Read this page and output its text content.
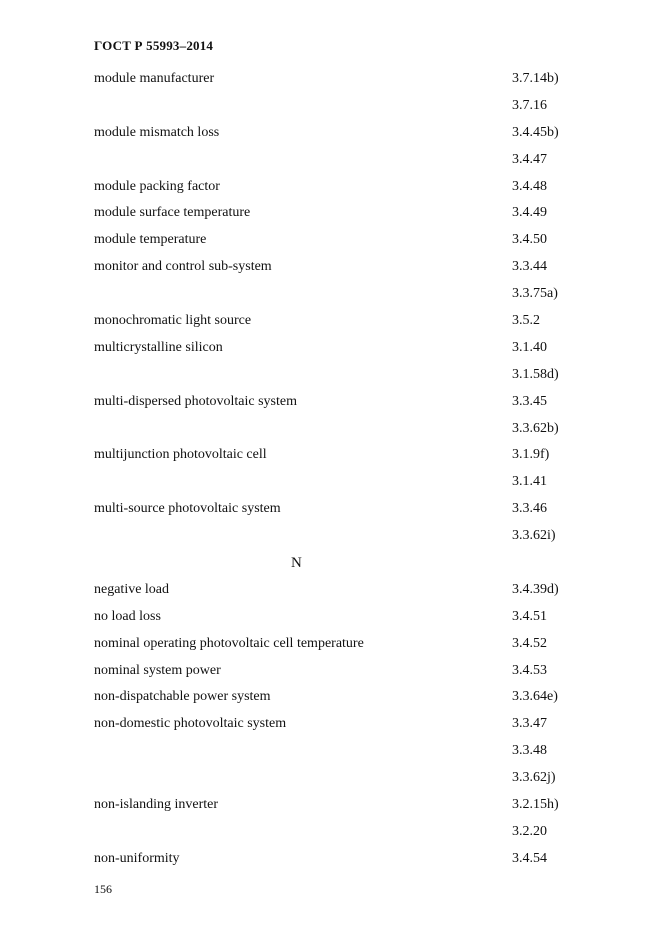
ГОСТ Р 55993–2014
module manufacturer	3.7.14b)
3.7.16
module mismatch loss	3.4.45b)
3.4.47
module packing factor	3.4.48
module surface temperature	3.4.49
module temperature	3.4.50
monitor and control sub-system	3.3.44
3.3.75a)
monochromatic light source	3.5.2
multicrystalline silicon	3.1.40
3.1.58d)
multi-dispersed photovoltaic system	3.3.45
3.3.62b)
multijunction photovoltaic cell	3.1.9f)
3.1.41
multi-source photovoltaic system	3.3.46
3.3.62i)
N
negative load	3.4.39d)
no load loss	3.4.51
nominal operating photovoltaic cell temperature	3.4.52
nominal system power	3.4.53
non-dispatchable power system	3.3.64e)
non-domestic photovoltaic system	3.3.47
3.3.48
3.3.62j)
non-islanding inverter	3.2.15h)
3.2.20
non-uniformity	3.4.54
156
